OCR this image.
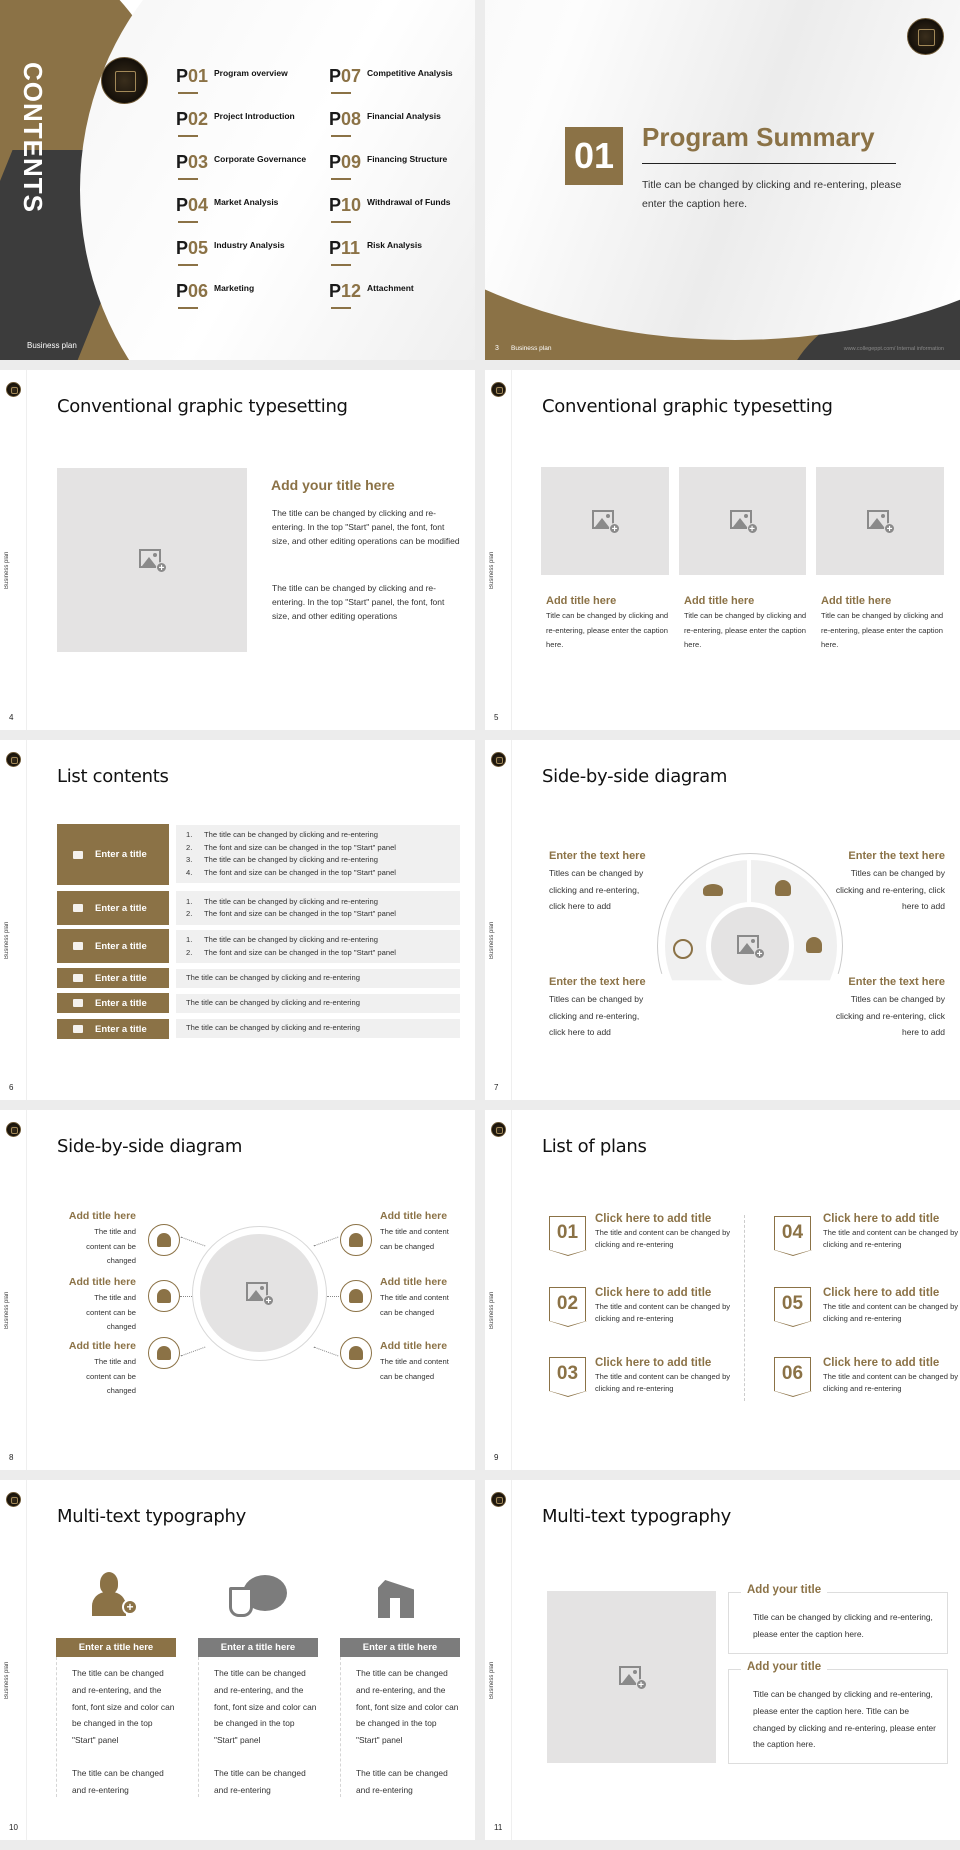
CONTENTS
Business plan
P01 Program overview
P02 Project Introduction
P03 Corporate Governance
P04 Market Analysis
P05 Industry Analysis
P06 Marketing
P07 Competitive Analysis
P08 Financial Analysis
P09 Financing Structure
P10 Withdrawal of Funds
P11 Risk Analysis
P12 Attachment
01	Program Summary
Title can be changed by clicking and re-entering, please enter the caption here.
3 Business plan	www.collegeppt.com/ Internal information
Business plan
4
Conventional graphic typesetting
+
Add your title here
The title can be changed by clicking and re-entering. In the top "Start" panel, the font, font size, and other editing operations can be modified
The title can be changed by clicking and re-entering. In the top "Start" panel, the font, font size, and other editing operations
Business plan
5
Conventional graphic typesetting
+	+	+
Add title here
Title can be changed by clicking and re-entering, please enter the caption here.
Add title here
Title can be changed by clicking and re-entering, please enter the caption here.
Add title here
Title can be changed by clicking and re-entering, please enter the caption here.
Business plan
6
List contents
Enter a title
1.	The title can be changed by clicking and re-entering
2.	The font and size can be changed in the top "Start" panel
3.	The title can be changed by clicking and re-entering
4.	The font and size can be changed in the top "Start" panel
Enter a title
1.	The title can be changed by clicking and re-entering
2.	The font and size can be changed in the top "Start" panel
Enter a title
1.	The title can be changed by clicking and re-entering
2.	The font and size can be changed in the top "Start" panel
Enter a title	The title can be changed by clicking and re-entering
Enter a title	The title can be changed by clicking and re-entering
Enter a title	The title can be changed by clicking and re-entering
Business plan
7
Side-by-side diagram
+
Enter the text here
Titles can be changed by clicking and re-entering, click here to add
Enter the text here
Titles can be changed by clicking and re-entering, click here to add
Enter the text here
Titles can be changed by clicking and re-entering, click here to add
Enter the text here
Titles can be changed by clicking and re-entering, click here to add
Business plan
8
Side-by-side diagram
+
Add title here
The title and content can be changed
Add title here
The title and content can be changed
Add title here
The title and content can be changed
Add title here
The title and content can be changed
Add title here
The title and content can be changed
Add title here
The title and content can be changed
Business plan
9
List of plans
01
Click here to add title
The title and content can be changed by clicking and re-entering
02	Click here to add title
The title and content can be changed by clicking and re-entering
03	Click here to add title
The title and content can be changed by clicking and re-entering
04
Click here to add title
The title and content can be changed by clicking and re-entering
05	Click here to add title
The title and content can be changed by clicking and re-entering
06	Click here to add title
The title and content can be changed by clicking and re-entering
Business plan
10
Multi-text typography
+
Enter a title here

The title can be changed and re-entering, and the font, font size and color can be changed in the top "Start" panel

The title can be changed and re-entering

Enter a title here

The title can be changed and re-entering, and the font, font size and color can be changed in the top "Start" panel

The title can be changed and re-entering

Enter a title here

The title can be changed and re-entering, and the font, font size and color can be changed in the top "Start" panel

The title can be changed and re-entering

Business plan
11
Multi-text typography
+
Add your title
Title can be changed by clicking and re-entering, please enter the caption here.
Add your title
Title can be changed by clicking and re-entering, please enter the caption here. Title can be changed by clicking and re-entering, please enter the caption here.
